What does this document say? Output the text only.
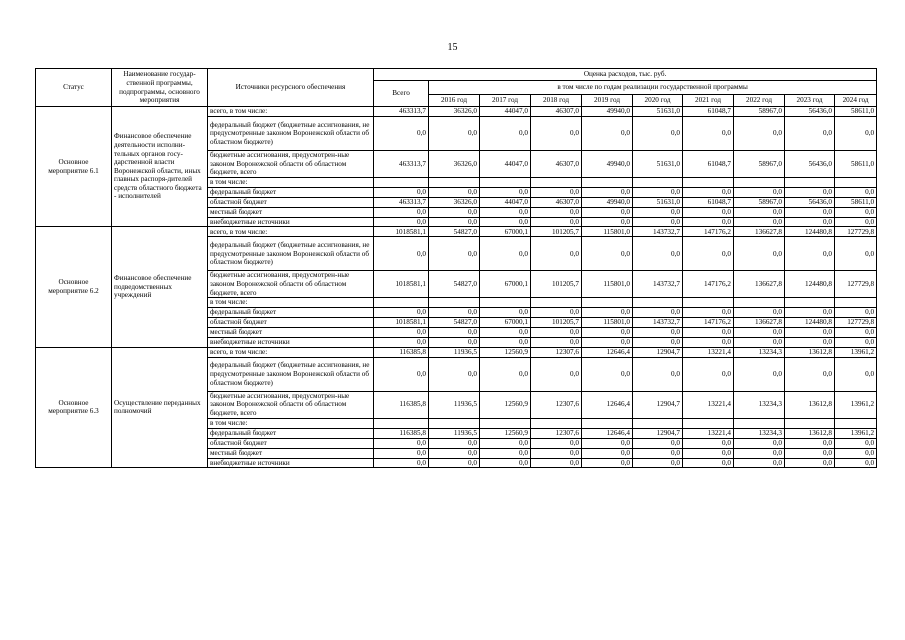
15
Статус	Наименование государ-ственной программы, подпрограммы, основного мероприятия	Источники ресурсного обеспечения	Оценка расходов, тыс. руб.									
			Всего	в том числе по годам реализации государственной программы								
				2016 год	2017 год	2018 год	2019 год	2020 год	2021 год	2022 год	2023 год	2024 год
Основное мероприятие 6.1	Финансовое обеспечение деятельности исполни-тельных органов госу-дарственной власти Воронежской области, иных главных распоря-дителей средств областного бюджета - исполнителей	всего, в том числе:	463313,7	36326,0	44047,0	46307,0	49940,0	51631,0	61048,7	58967,0	56436,0	58611,0
		федеральный бюджет (бюджетные ассигнования, не предусмотренные законом Воронежской области об областном бюджете)	0,0	0,0	0,0	0,0	0,0	0,0	0,0	0,0	0,0	0,0
		бюджетные ассигнования, предусмотрен-ные законом Воронежской области об областном бюджете, всего	463313,7	36326,0	44047,0	46307,0	49940,0	51631,0	61048,7	58967,0	56436,0	58611,0
		в том числе:										
		федеральный бюджет	0,0	0,0	0,0	0,0	0,0	0,0	0,0	0,0	0,0	0,0
		областной бюджет	463313,7	36326,0	44047,0	46307,0	49940,0	51631,0	61048,7	58967,0	56436,0	58611,0
		местный бюджет	0,0	0,0	0,0	0,0	0,0	0,0	0,0	0,0	0,0	0,0
		внебюджетные источники	0,0	0,0	0,0	0,0	0,0	0,0	0,0	0,0	0,0	0,0
Основное мероприятие 6.2	Финансовое обеспечение подведомственных учреждений	всего, в том числе:	1018581,1	54827,0	67000,1	101205,7	115801,0	143732,7	147176,2	136627,8	124480,8	127729,8
		федеральный бюджет (бюджетные ассигнования, не предусмотренные законом Воронежской области об областном бюджете)	0,0	0,0	0,0	0,0	0,0	0,0	0,0	0,0	0,0	0,0
		бюджетные ассигнования, предусмотрен-ные законом Воронежской области об областном бюджете, всего	1018581,1	54827,0	67000,1	101205,7	115801,0	143732,7	147176,2	136627,8	124480,8	127729,8
		в том числе:										
		федеральный бюджет	0,0	0,0	0,0	0,0	0,0	0,0	0,0	0,0	0,0	0,0
		областной бюджет	1018581,1	54827,0	67000,1	101205,7	115801,0	143732,7	147176,2	136627,8	124480,8	127729,8
		местный бюджет	0,0	0,0	0,0	0,0	0,0	0,0	0,0	0,0	0,0	0,0
		внебюджетные источники	0,0	0,0	0,0	0,0	0,0	0,0	0,0	0,0	0,0	0,0
Основное мероприятие 6.3	Осуществление переданных полномочий	всего, в том числе:	116385,8	11936,5	12560,9	12307,6	12646,4	12904,7	13221,4	13234,3	13612,8	13961,2
		федеральный бюджет (бюджетные ассигнования, не предусмотренные законом Воронежской области об областном бюджете)	0,0	0,0	0,0	0,0	0,0	0,0	0,0	0,0	0,0	0,0
		бюджетные ассигнования, предусмотрен-ные законом Воронежской области об областном бюджете, всего	116385,8	11936,5	12560,9	12307,6	12646,4	12904,7	13221,4	13234,3	13612,8	13961,2
		в том числе:										
		федеральный бюджет	116385,8	11936,5	12560,9	12307,6	12646,4	12904,7	13221,4	13234,3	13612,8	13961,2
		областной бюджет	0,0	0,0	0,0	0,0	0,0	0,0	0,0	0,0	0,0	0,0
		местный бюджет	0,0	0,0	0,0	0,0	0,0	0,0	0,0	0,0	0,0	0,0
		внебюджетные источники	0,0	0,0	0,0	0,0	0,0	0,0	0,0	0,0	0,0	0,0
